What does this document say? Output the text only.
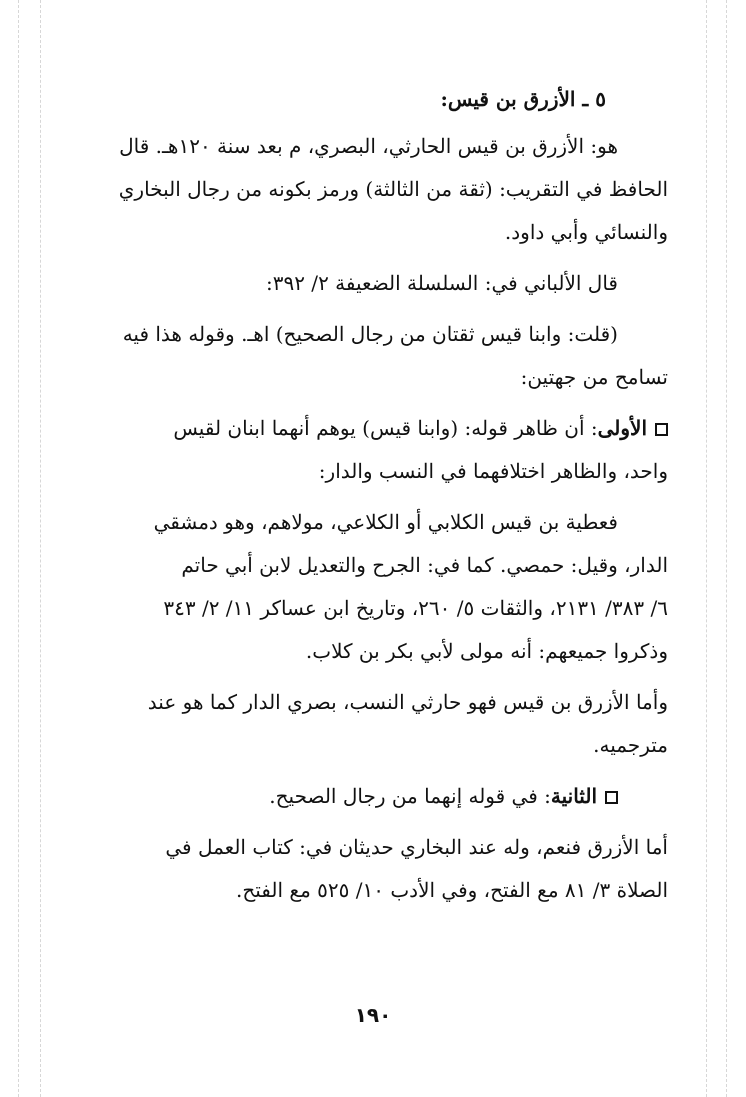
٥ ـ الأزرق بن قيس:
هو: الأزرق بن قيس الحارثي، البصري، م بعد سنة ١٢٠هـ. قال
الحافظ في التقريب: (ثقة من الثالثة) ورمز بكونه من رجال البخاري
والنسائي وأبي داود.
قال الألباني في: السلسلة الضعيفة ٢/ ٣٩٢:
(قلت: وابنا قيس ثقتان من رجال الصحيح) اهـ. وقوله هذا فيه
تسامح من جهتين:
الأولى: أن ظاهر قوله: (وابنا قيس) يوهم أنهما ابنان لقيس
واحد، والظاهر اختلافهما في النسب والدار:
فعطية بن قيس الكلابي أو الكلاعي، مولاهم، وهو دمشقي
الدار، وقيل: حمصي. كما في: الجرح والتعديل لابن أبي حاتم
٦/ ٣٨٣/ ٢١٣١، والثقات ٥/ ٢٦٠، وتاريخ ابن عساكر ١١/ ٢/ ٣٤٣
وذكروا جميعهم: أنه مولى لأبي بكر بن كلاب.
وأما الأزرق بن قيس فهو حارثي النسب، بصري الدار كما هو عند
مترجميه.
الثانية: في قوله إنهما من رجال الصحيح.
أما الأزرق فنعم، وله عند البخاري حديثان في: كتاب العمل في
الصلاة ٣/ ٨١ مع الفتح، وفي الأدب ١٠/ ٥٢٥ مع الفتح.
١٩٠
